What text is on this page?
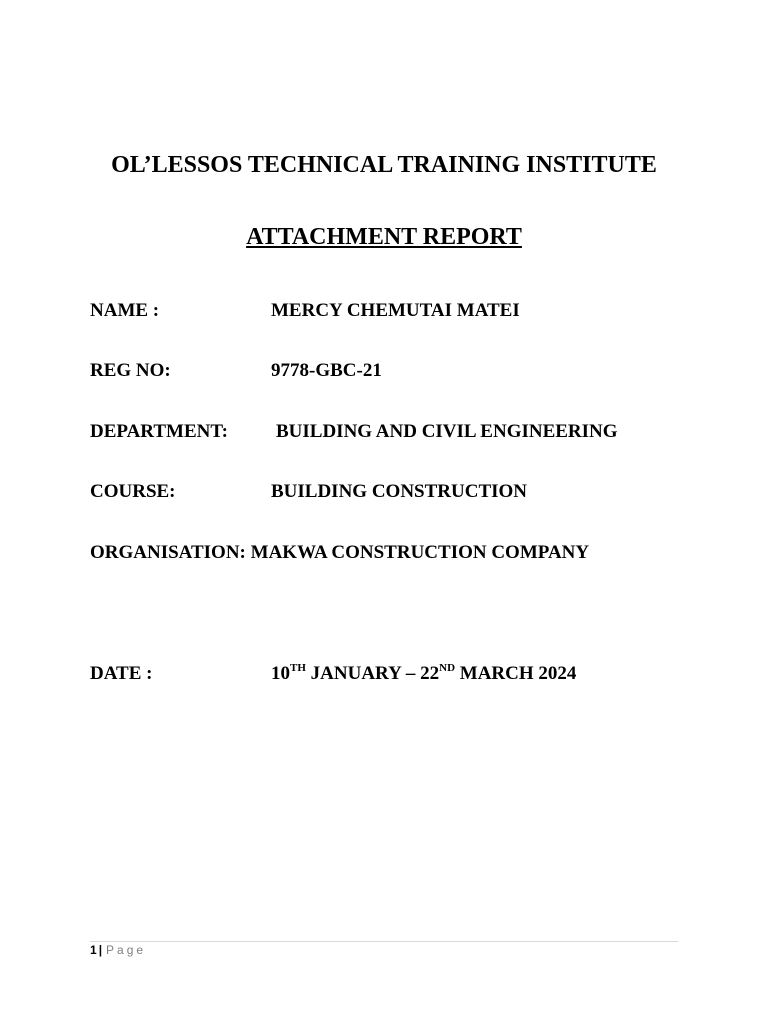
OL’LESSOS TECHNICAL TRAINING INSTITUTE
ATTACHMENT REPORT
NAME :	MERCY CHEMUTAI MATEI
REG NO:	9778-GBC-21
DEPARTMENT:	BUILDING AND CIVIL ENGINEERING
COURSE:	BUILDING CONSTRUCTION
ORGANISATION: MAKWA CONSTRUCTION COMPANY
DATE :	10TH JANUARY – 22ND MARCH 2024
1 | Page
